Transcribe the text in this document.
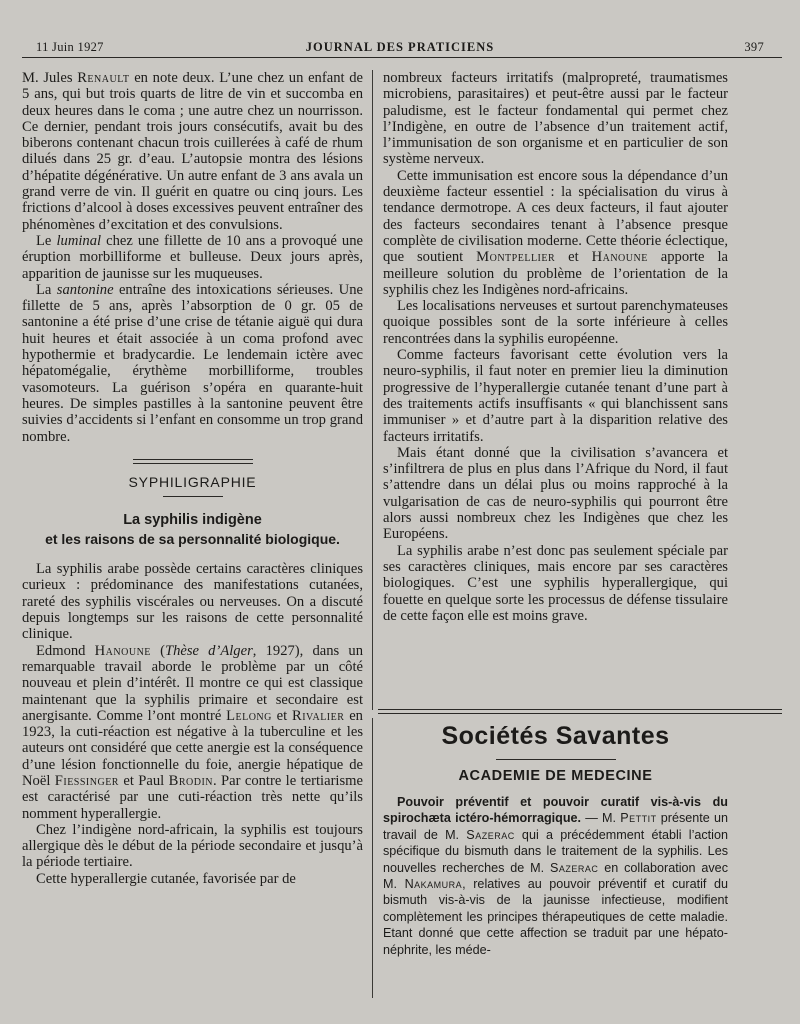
11 Juin 1927	JOURNAL DES PRATICIENS	397

M. Jules Renault en note deux. L’une chez un enfant de 5 ans, qui but trois quarts de litre de vin et succomba en deux heures dans le coma ; une autre chez un nourrisson. Ce dernier, pendant trois jours consécutifs, avait bu des biberons contenant chacun trois cuillerées à café de rhum dilués dans 25 gr. d’eau. L’autopsie montra des lésions d’hépatite dégénérative. Un autre enfant de 3 ans avala un grand verre de vin. Il guérit en quatre ou cinq jours. Les frictions d’alcool à doses excessives peuvent entraîner des phénomènes d’excitation et des convulsions.

Le luminal chez une fillette de 10 ans a provoqué une éruption morbilliforme et bulleuse. Deux jours après, apparition de jaunisse sur les muqueuses.

La santonine entraîne des intoxications sérieuses. Une fillette de 5 ans, après l’absorption de 0 gr. 05 de santonine a été prise d’une crise de tétanie aiguë qui dura huit heures et était associée à un coma profond avec hypothermie et bradycardie. Le lendemain ictère avec hépatomégalie, érythème morbilliforme, troubles vasomoteurs. La guérison s’opéra en quarante-huit heures. De simples pastilles à la santonine peuvent être suivies d’accidents si l’enfant en consomme un trop grand nombre.

SYPHILIGRAPHIE
La syphilis indigène
et les raisons de sa personnalité biologique.

La syphilis arabe possède certains caractères cliniques curieux : prédominance des manifestations cutanées, rareté des syphilis viscérales ou nerveuses. On a discuté depuis longtemps sur les raisons de cette personnalité clinique.

Edmond Hanoune (Thèse d’Alger, 1927), dans un remarquable travail aborde le problème par un côté nouveau et plein d’intérêt. Il montre ce qui est classique maintenant que la syphilis primaire et secondaire est anergisante. Comme l’ont montré Lelong et Rivalier en 1923, la cuti-réaction est négative à la tuberculine et les auteurs ont considéré que cette anergie est la conséquence d’une lésion fonctionnelle du foie, anergie hépatique de Noël Fiessinger et Paul Brodin. Par contre le tertiarisme est caractérisé par une cuti-réaction très nette qu’ils nomment hyperallergie.

Chez l’indigène nord-africain, la syphilis est toujours allergique dès le début de la période secondaire et jusqu’à la période tertiaire.

Cette hyperallergie cutanée, favorisée par de

nombreux facteurs irritatifs (malpropreté, traumatismes microbiens, parasitaires) et peut-être aussi par le facteur paludisme, est le facteur fondamental qui permet chez l’Indigène, en outre de l’absence d’un traitement actif, l’immunisation de son organisme et en particulier de son système nerveux.

Cette immunisation est encore sous la dépendance d’un deuxième facteur essentiel : la spécialisation du virus à tendance dermotrope. A ces deux facteurs, il faut ajouter des facteurs secondaires tenant à l’absence presque complète de civilisation moderne. Cette théorie éclectique, que soutient Montpellier et Hanoune apporte la meilleure solution du problème de l’orientation de la syphilis chez les Indigènes nord-africains.

Les localisations nerveuses et surtout parenchymateuses quoique possibles sont de la sorte inférieure à celles rencontrées dans la syphilis européenne.

Comme facteurs favorisant cette évolution vers la neuro-syphilis, il faut noter en premier lieu la diminution progressive de l’hyperallergie cutanée tenant d’une part à des traitements actifs insuffisants « qui blanchissent sans immuniser » et d’autre part à la disparition relative des facteurs irritatifs.

Mais étant donné que la civilisation s’avancera et s’infiltrera de plus en plus dans l’Afrique du Nord, il faut s’attendre dans un délai plus ou moins rapproché à la vulgarisation de cas de neuro-syphilis qui pourront être alors aussi nombreux chez les Indigènes que chez les Européens.

La syphilis arabe n’est donc pas seulement spéciale par ses caractères cliniques, mais encore par ses caractères biologiques. C’est une syphilis hyperallergique, qui fouette en quelque sorte les processus de défense tissulaire de cette façon elle est moins grave.

Sociétés Savantes
ACADEMIE DE MEDECINE

Pouvoir préventif et pouvoir curatif vis-à-vis du spirochæta ictéro-hémorragique. — M. Pettit présente un travail de M. Sazerac qui a précédemment établi l’action spécifique du bismuth dans le traitement de la syphilis. Les nouvelles recherches de M. Sazerac en collaboration avec M. Nakamura, relatives au pouvoir préventif et curatif du bismuth vis-à-vis de la jaunisse infectieuse, modifient complètement les principes thérapeutiques de cette maladie. Etant donné que cette affection se traduit par une hépato-néphrite, les méde-
